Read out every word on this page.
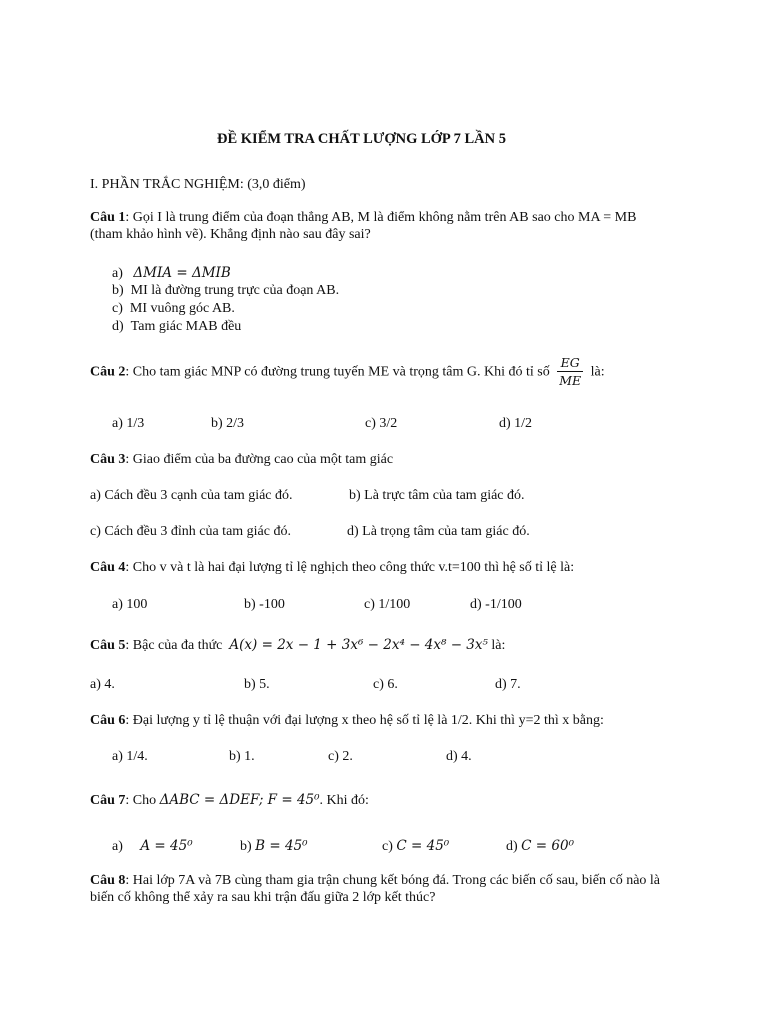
ĐỀ KIỂM TRA CHẤT LƯỢNG LỚP 7 LẦN 5
I. PHẦN TRẮC NGHIỆM: (3,0 điểm)
Câu 1: Gọi I là trung điểm của đoạn thẳng AB, M là điểm không nằm trên AB sao cho MA = MB (tham khảo hình vẽ). Khẳng định nào sau đây sai?
a) ΔMIA = ΔMIB
b) MI là đường trung trực của đoạn AB.
c) MI vuông góc AB.
d) Tam giác MAB đều
Câu 2: Cho tam giác MNP có đường trung tuyến ME và trọng tâm G. Khi đó tỉ số $\frac{EG}{ME}$ là:
a) 1/3	b) 2/3	c) 3/2	d) 1/2
Câu 3: Giao điểm của ba đường cao của một tam giác
a) Cách đều 3 cạnh của tam giác đó.	b) Là trực tâm của tam giác đó.
c) Cách đều 3 đỉnh của tam giác đó.	d) Là trọng tâm của tam giác đó.
Câu 4: Cho v và t là hai đại lượng tỉ lệ nghịch theo công thức v.t=100 thì hệ số tỉ lệ là:
a) 100	b) -100	c) 1/100	d) -1/100
Câu 5: Bậc của đa thức A(x) = 2x − 1 + 3x⁶ − 2x⁴ − 4x⁸ − 3x⁵ là:
a) 4.	b) 5.	c) 6.	d) 7.
Câu 6: Đại lượng y tỉ lệ thuận với đại lượng x theo hệ số tỉ lệ là 1/2. Khi thì y=2 thì x bằng:
a) 1/4.	b) 1.	c) 2.	d) 4.
Câu 7: Cho ΔABC = ΔDEF; F = 45⁰. Khi đó:
a) A = 45⁰	b) B = 45⁰	c) C = 45⁰	d) C = 60⁰
Câu 8: Hai lớp 7A và 7B cùng tham gia trận chung kết bóng đá. Trong các biến cố sau, biến cố nào là biến cố không thể xảy ra sau khi trận đấu giữa 2 lớp kết thúc?
